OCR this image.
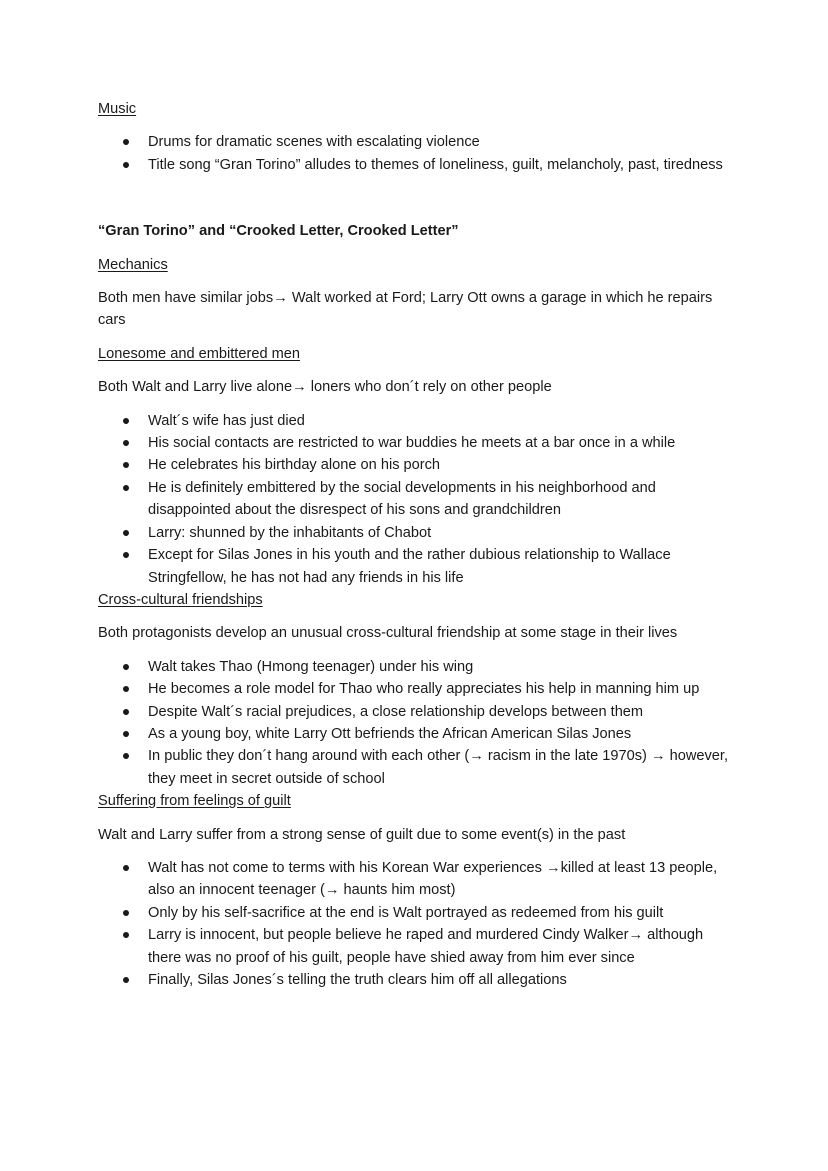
Music

Drums for dramatic scenes with escalating violence
Title song “Gran Torino” alludes to themes of loneliness, guilt, melancholy, past, tiredness

“Gran Torino” and “Crooked Letter, Crooked Letter”

Mechanics

Both men have similar jobs→ Walt worked at Ford; Larry Ott owns a garage in which he repairs cars

Lonesome and embittered men

Both Walt and Larry live alone→ loners who don´t rely on other people

Walt´s wife has just died
His social contacts are restricted to war buddies he meets at a bar once in a while
He celebrates his birthday alone on his porch
He is definitely embittered by the social developments in his neighborhood and disappointed about the disrespect of his sons and grandchildren
Larry: shunned by the inhabitants of Chabot
Except for Silas Jones in his youth and the rather dubious relationship to Wallace Stringfellow, he has not had any friends in his life

Cross-cultural friendships

Both protagonists develop an unusual cross-cultural friendship at some stage in their lives

Walt takes Thao (Hmong teenager) under his wing
He becomes a role model for Thao who really appreciates his help in manning him up
Despite Walt´s racial prejudices, a close relationship develops between them
As a young boy, white Larry Ott befriends the African American Silas Jones
In public they don´t hang around with each other (→ racism in the late 1970s) → however, they meet in secret outside of school

Suffering from feelings of guilt

Walt and Larry suffer from a strong sense of guilt due to some event(s) in the past

Walt has not come to terms with his Korean War experiences →killed at least 13 people, also an innocent teenager (→ haunts him most)
Only by his self-sacrifice at the end is Walt portrayed as redeemed from his guilt
Larry is innocent, but people believe he raped and murdered Cindy Walker→ although there was no proof of his guilt, people have shied away from him ever since
Finally, Silas Jones´s telling the truth clears him off all allegations
